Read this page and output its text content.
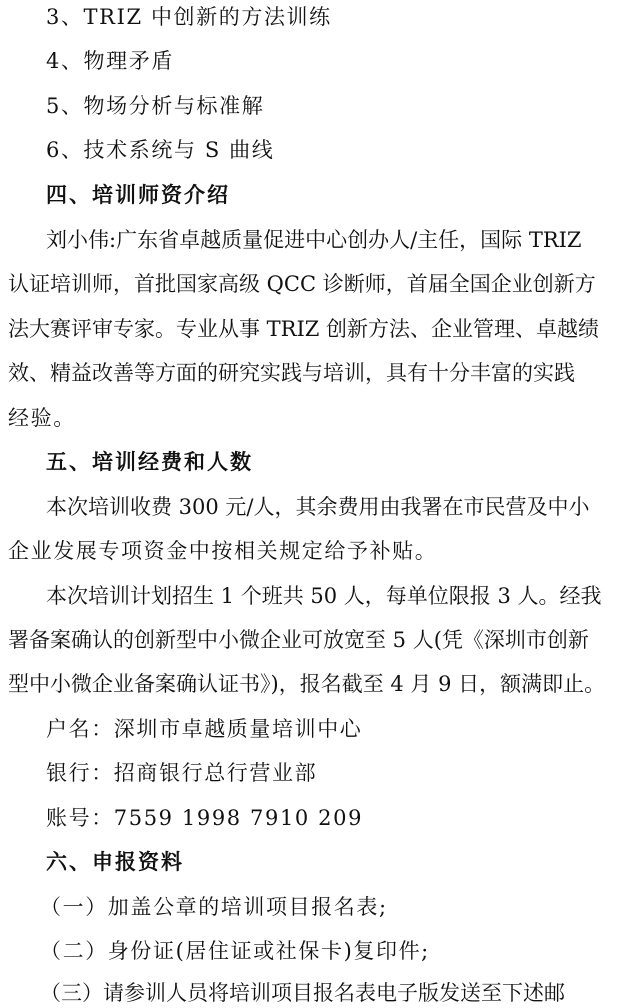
3、TRIZ 中创新的方法训练
4、物理矛盾
5、物场分析与标准解
6、技术系统与 S 曲线
四、培训师资介绍
刘小伟:广东省卓越质量促进中心创办人/主任，国际 TRIZ
认证培训师，首批国家高级 QCC 诊断师，首届全国企业创新方
法大赛评审专家。专业从事 TRIZ 创新方法、企业管理、卓越绩
效、精益改善等方面的研究实践与培训，具有十分丰富的实践
经验。
五、培训经费和人数
本次培训收费 300 元/人，其余费用由我署在市民营及中小
企业发展专项资金中按相关规定给予补贴。
本次培训计划招生 1 个班共 50 人，每单位限报 3 人。经我
署备案确认的创新型中小微企业可放宽至 5 人(凭《深圳市创新
型中小微企业备案确认证书》)，报名截至 4 月 9 日，额满即止。
户名：深圳市卓越质量培训中心
银行：招商银行总行营业部
账号：7559 1998 7910 209
六、申报资料
（一）加盖公章的培训项目报名表;
（二）身份证(居住证或社保卡)复印件;
（三）请参训人员将培训项目报名表电子版发送至下述邮
